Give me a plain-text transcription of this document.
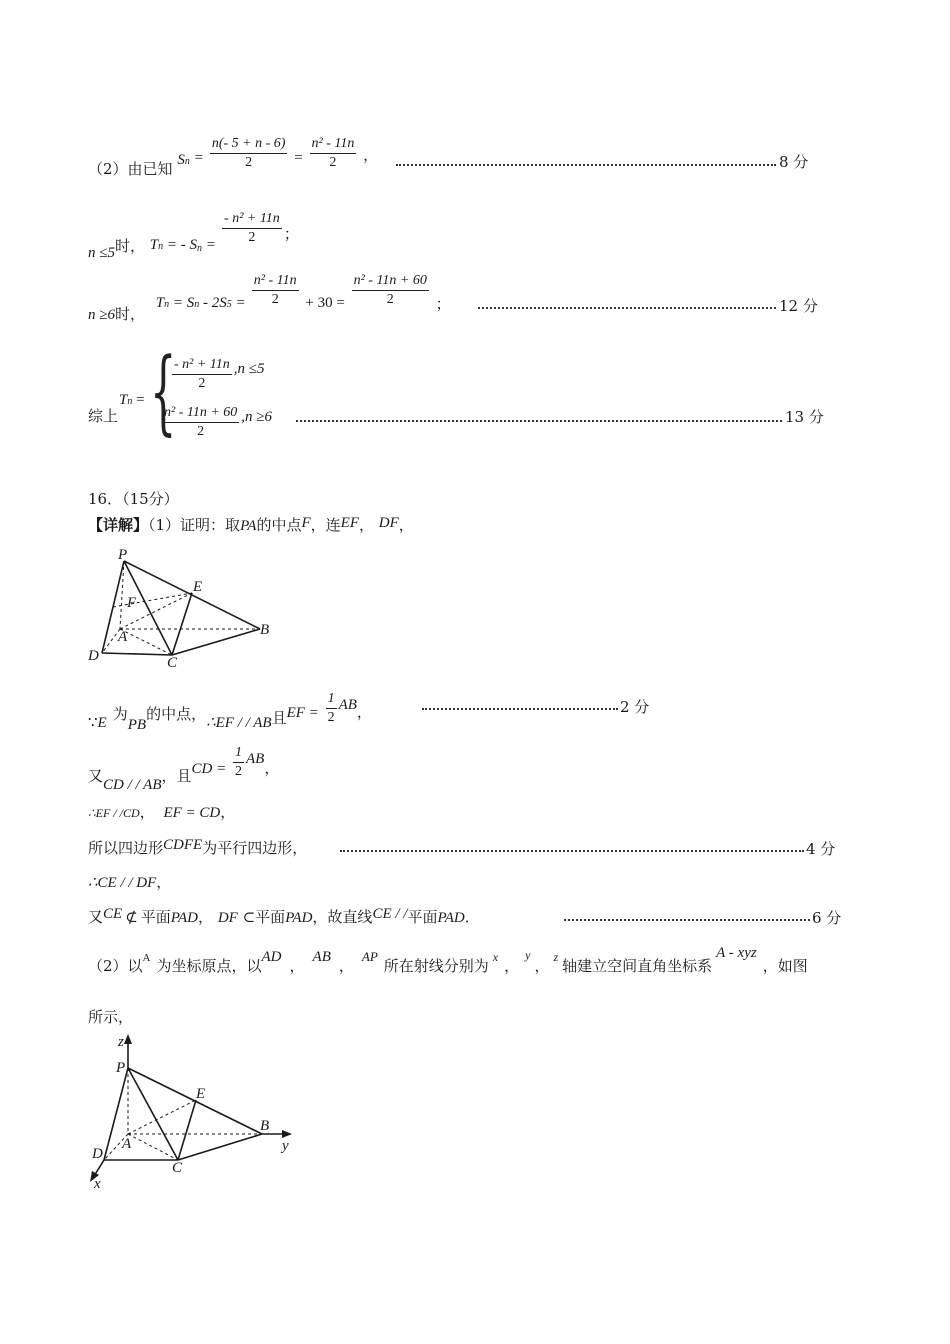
（2）由已知 $Sn = \frac{n(- 5 + n - 6)}{2} = \frac{\text{n² - 11n}}{2}$ ，	8 分
n ≤5时， Tn = - $S_n = \frac{\text{- n² + 11n}}{2}$ ；
n ≥6时， $Tn = Sn - 2S5 = \frac{\text{n² - 11n}}{2} + 30 = \frac{\text{n² - 11n + 60}}{2}$ ；	12 分
综上
Tn = {
$\frac{\text{- n² + 11n}}{2} ,n \le 5$
$\frac{\text{n² - 11n + 60}}{2} ,n \ge 6$	13 分
16．（15分）
【详解】（1）证明：取PA的中点F，连EF， DF，
P
E
F
A	B
D	C
∵E 为PB的中点，∴EF / / AB且EF = $\frac{1}{2}$ AB，	2 分
又CD / / AB，且CD = $\frac{1}{2}$ AB，
∴EF / /CD， EF = CD，
所以四边形CDFE为平行四边形，	4 分
∴CE / / DF，
又CE ⊄ 平面PAD， DF ⊂平面PAD，故直线CE / /平面PAD．	6 分
（2）以A 为坐标原点，以AD ， AB ，AP所在射线分别为 x ，$^y$， z 轴建立空间直角坐标系A - xyz，如图
所示，
z
P
E
B
y
D
A
C
x
